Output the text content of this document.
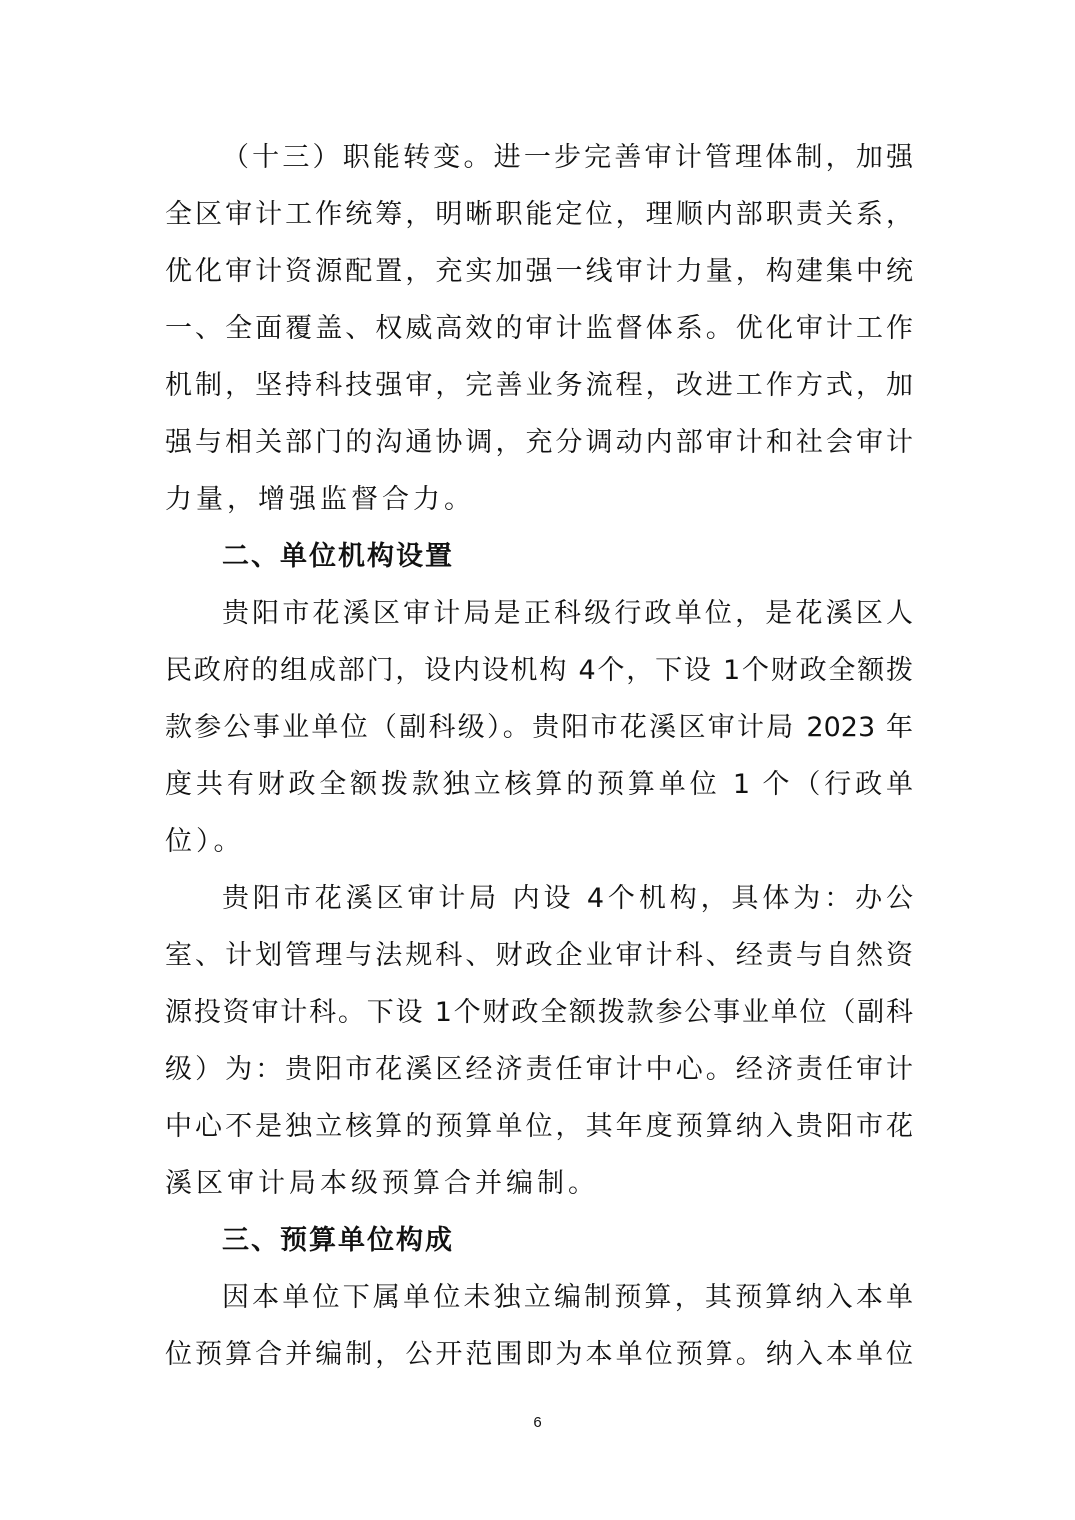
（十三）职能转变。进一步完善审计管理体制，加强
全区审计工作统筹，明晰职能定位，理顺内部职责关系，
优化审计资源配置，充实加强一线审计力量，构建集中统
一、全面覆盖、权威高效的审计监督体系。优化审计工作
机制，坚持科技强审，完善业务流程，改进工作方式，加
强与相关部门的沟通协调，充分调动内部审计和社会审计
力量，增强监督合力。
二、单位机构设置
贵阳市花溪区审计局是正科级行政单位，是花溪区人
民政府的组成部门，设内设机构 4个，下设 1个财政全额拨
款参公事业单位（副科级）。贵阳市花溪区审计局 2023 年
度共有财政全额拨款独立核算的预算单位 1 个（行政单
位）。
贵阳市花溪区审计局 内设 4个机构，具体为：办公
室、计划管理与法规科、财政企业审计科、经责与自然资
源投资审计科。下设 1个财政全额拨款参公事业单位（副科
级）为：贵阳市花溪区经济责任审计中心。经济责任审计
中心不是独立核算的预算单位，其年度预算纳入贵阳市花
溪区审计局本级预算合并编制。
三、预算单位构成
因本单位下属单位未独立编制预算，其预算纳入本单
位预算合并编制，公开范围即为本单位预算。纳入本单位
6
